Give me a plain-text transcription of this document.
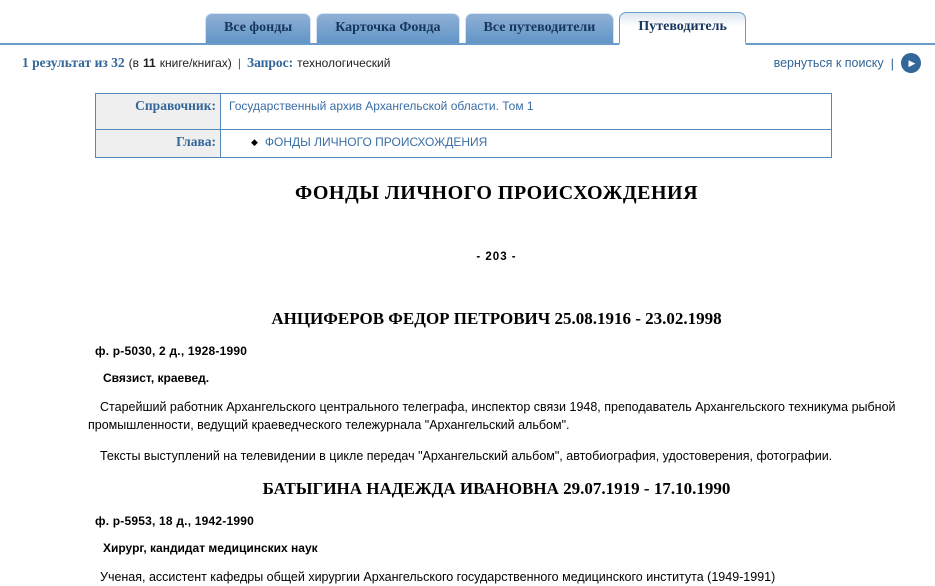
Все фонды	Карточка Фонда	Все путеводители	Путеводитель
1 результат из 32 (в 11 книге/книгах) | Запрос: технологический	вернуться к поиску | ▶
Справочник:	Государственный архив Архангельской области. Том 1
Глава:	◆ ФОНДЫ ЛИЧНОГО ПРОИСХОЖДЕНИЯ
ФОНДЫ ЛИЧНОГО ПРОИСХОЖДЕНИЯ
- 203 -
АНЦИФЕРОВ ФЕДОР ПЕТРОВИЧ 25.08.1916 - 23.02.1998
ф. р-5030, 2 д., 1928-1990
Связист, краевед.
Старейший работник Архангельского центрального телеграфа, инспектор связи 1948, преподаватель Архангельского техникума рыбной промышленности, ведущий краеведческого тележурнала "Архангельский альбом".
Тексты выступлений на телевидении в цикле передач "Архангельский альбом", автобиография, удостоверения, фотографии.
БАТЫГИНА НАДЕЖДА ИВАНОВНА 29.07.1919 - 17.10.1990
ф. р-5953, 18 д., 1942-1990
Хирург, кандидат медицинских наук
Ученая, ассистент кафедры общей хирургии Архангельского государственного медицинского института (1949-1991)
